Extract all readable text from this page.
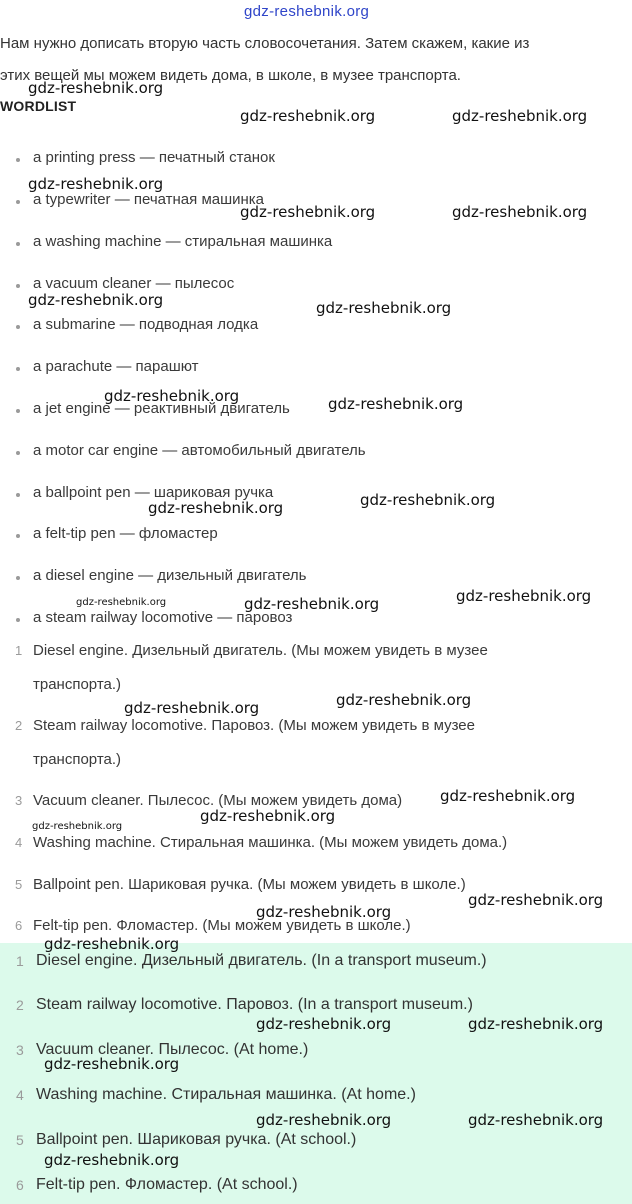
gdz-reshebnik.org
Нам нужно дописать вторую часть словосочетания. Затем скажем, какие из
этих вещей мы можем видеть дома, в школе, в музее транспорта.
WORDLIST
a printing press — печатный станок
a typewriter — печатная машинка
a washing machine — стиральная машинка
a vacuum cleaner — пылесос
a submarine — подводная лодка
a parachute — парашют
a jet engine — реактивный двигатель
a motor car engine — автомобильный двигатель
a ballpoint pen — шариковая ручка
a felt-tip pen — фломастер
a diesel engine — дизельный двигатель
a steam railway locomotive — паровоз
1 Diesel engine. Дизельный двигатель. (Мы можем увидеть в музее
транспорта.)
2 Steam railway locomotive. Паровоз. (Мы можем увидеть в музее
транспорта.)
3 Vacuum cleaner. Пылесос. (Мы можем увидеть дома)
4 Washing machine. Стиральная машинка. (Мы можем увидеть дома.)
5 Ballpoint pen. Шариковая ручка. (Мы можем увидеть в школе.)
6 Felt-tip pen. Фломастер. (Мы можем увидеть в школе.)
1 Diesel engine. Дизельный двигатель. (In a transport museum.)
2 Steam railway locomotive. Паровоз. (In a transport museum.)
3 Vacuum cleaner. Пылесос. (At home.)
4 Washing machine. Стиральная машинка. (At home.)
5 Ballpoint pen. Шариковая ручка. (At school.)
6 Felt-tip pen. Фломастер. (At school.)
gdz-reshebnik.org
gdz-reshebnik.org	gdz-reshebnik.org
gdz-reshebnik.org
gdz-reshebnik.org	gdz-reshebnik.org
gdz-reshebnik.org	gdz-reshebnik.org
gdz-reshebnik.org	gdz-reshebnik.org
gdz-reshebnik.org
gdz-reshebnik.org
gdz-reshebnik.org
gdz-reshebnik.org	gdz-reshebnik.org
gdz-reshebnik.org
gdz-reshebnik.org
gdz-reshebnik.org
gdz-reshebnik.org
gdz-reshebnik.org
gdz-reshebnik.org
gdz-reshebnik.org
gdz-reshebnik.org
gdz-reshebnik.org	gdz-reshebnik.org
gdz-reshebnik.org
gdz-reshebnik.org	gdz-reshebnik.org
gdz-reshebnik.org
